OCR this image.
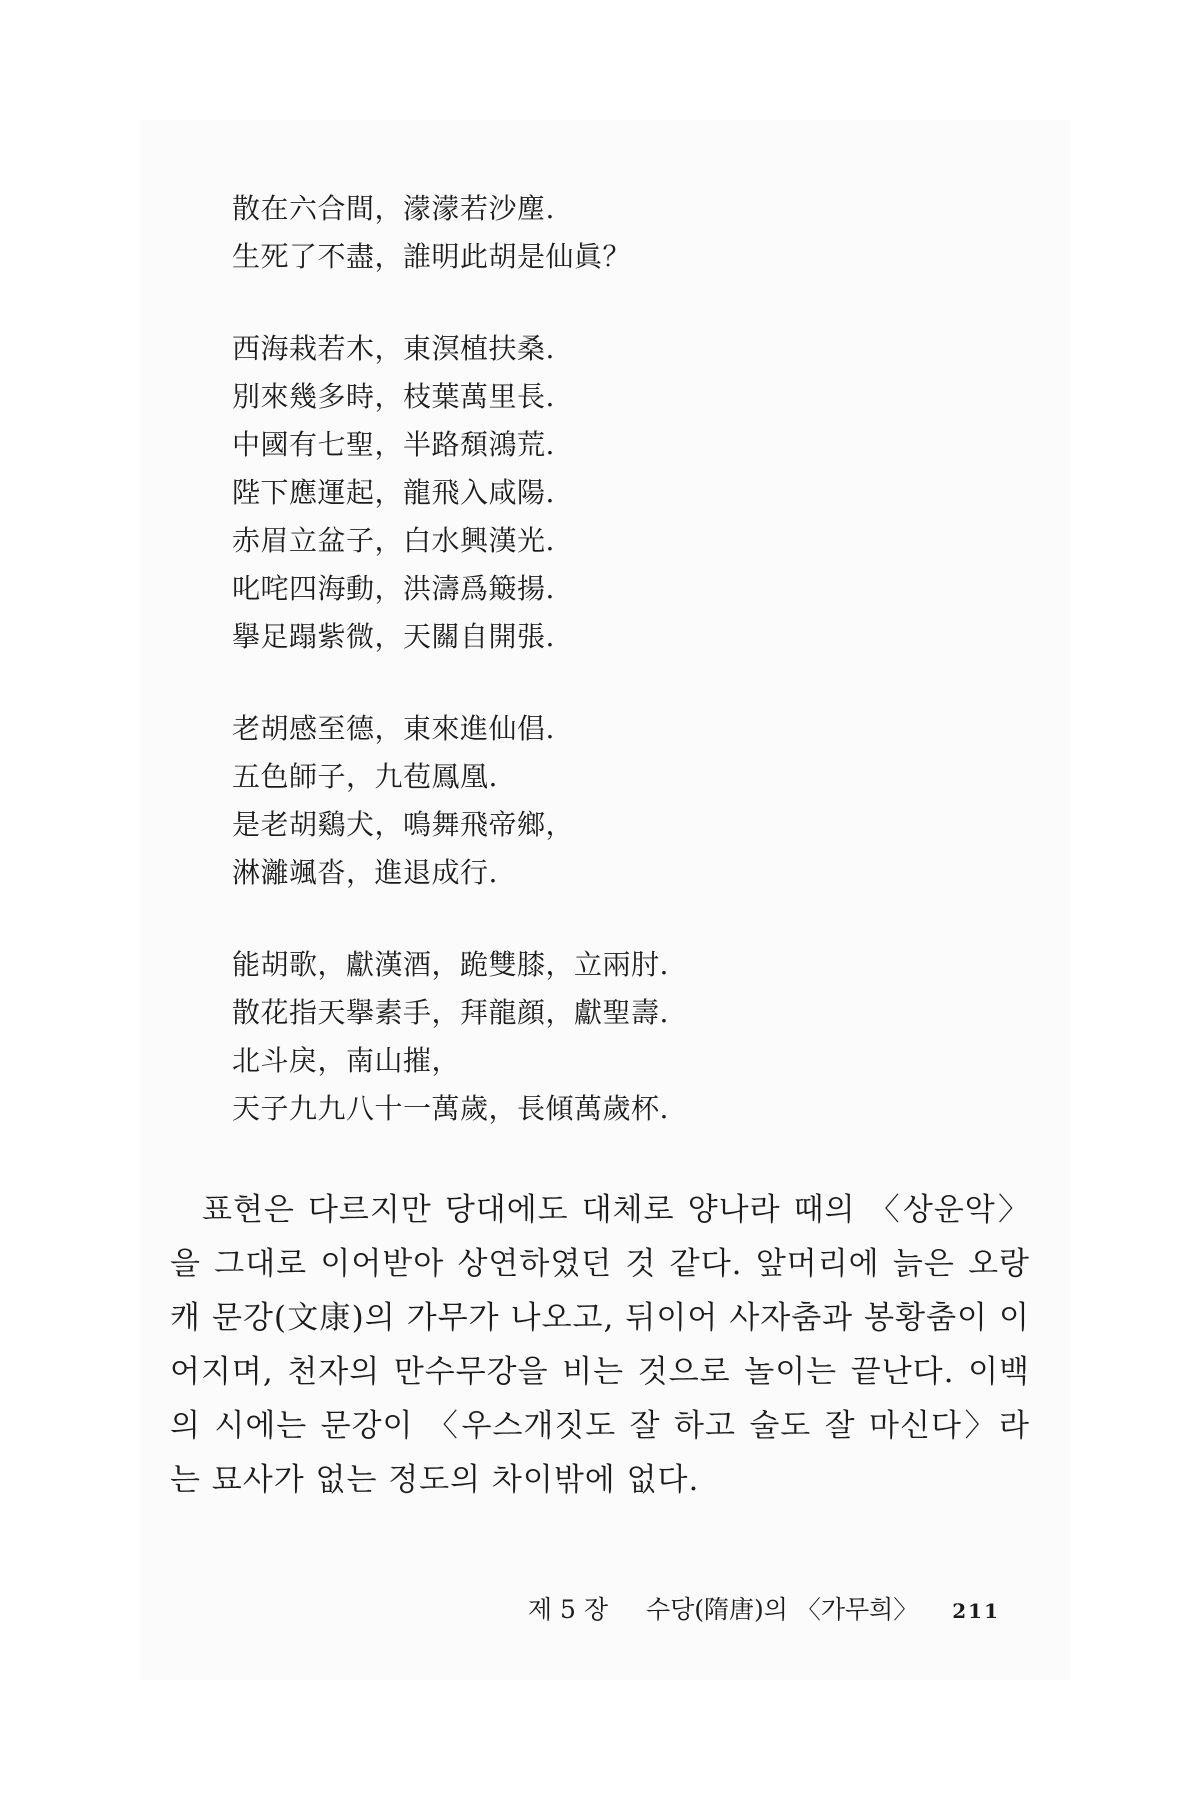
散在六合間，濛濛若沙塵.
生死了不盡，誰明此胡是仙眞？
西海栽若木，東溟植扶桑.
別來幾多時，枝葉萬里長.
中國有七聖，半路頹鴻荒.
陛下應運起，龍飛入咸陽.
赤眉立盆子，白水興漢光.
叱咤四海動，洪濤爲簸揚.
擧足蹋紫微，天關自開張.
老胡感至德，東來進仙倡.
五色師子，九苞鳳凰.
是老胡鷄犬，鳴舞飛帝鄉，
淋灕颯沓，進退成行.
能胡歌，獻漢酒，跪雙膝，立兩肘.
散花指天擧素手，拜龍顔，獻聖壽.
北斗戾，南山摧，
天子九九八十一萬歲，長傾萬歲杯.

표현은 다르지만 당대에도 대체로 양나라 때의 〈상운악〉을 그대로 이어받아 상연하였던 것 같다. 앞머리에 늙은 오랑캐 문강(文康)의 가무가 나오고, 뒤이어 사자춤과 봉황춤이 이어지며, 천자의 만수무강을 비는 것으로 놀이는 끝난다. 이백의 시에는 문강이 〈우스개짓도 잘 하고 술도 잘 마신다〉라는 묘사가 없는 정도의 차이밖에 없다.

제 5 장 수당(隋唐)의 〈가무희〉 211
